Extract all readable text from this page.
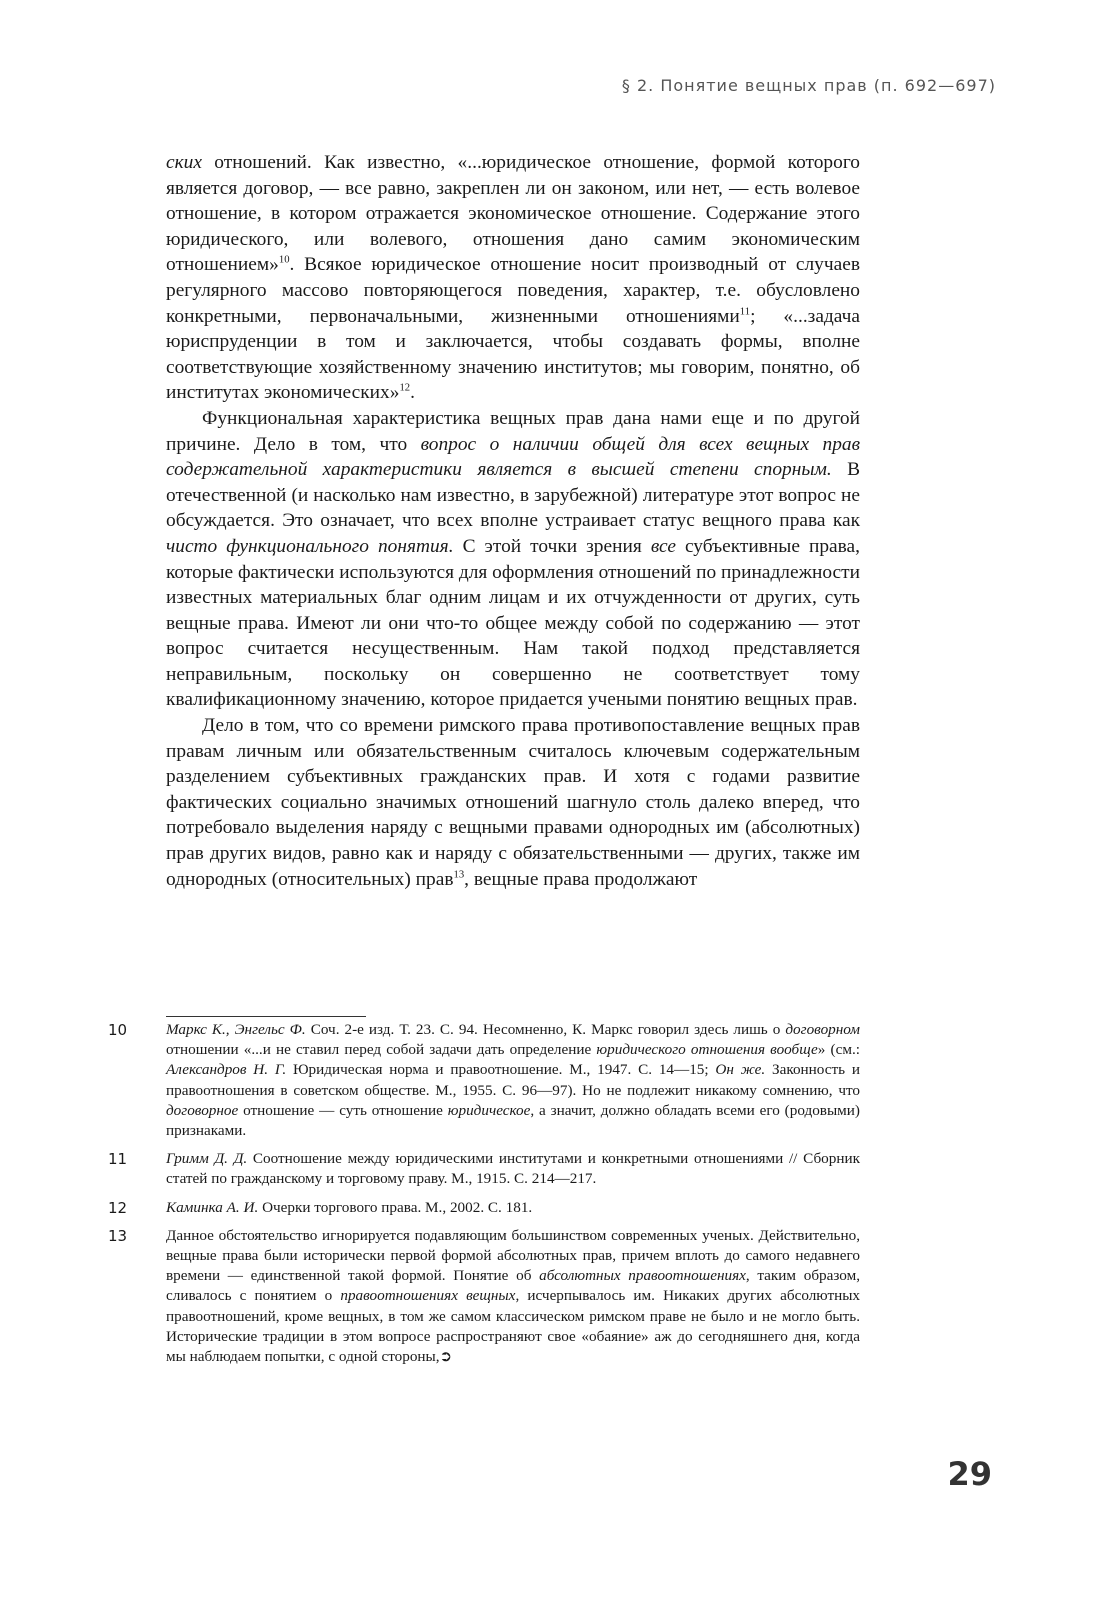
§ 2. Понятие вещных прав (п. 692—697)

ских отношений. Как известно, «...юридическое отношение, формой которого является договор, — все равно, закреплен ли он законом, или нет, — есть волевое отношение, в котором отражается экономическое отношение. Содержание этого юридического, или волевого, отношения дано самим экономическим отношением»$^{10}$. Всякое юридическое отношение носит производный от случаев регулярного массово повторяющегося поведения, характер, т.е. обусловлено конкретными, первоначальными, жизненными отношениями$^{11}$; «...задача юриспруденции в том и заключается, чтобы создавать формы, вполне соответствующие хозяйственному значению институтов; мы говорим, понятно, об институтах экономических»$^{12}$.

Функциональная характеристика вещных прав дана нами еще и по другой причине. Дело в том, что вопрос о наличии общей для всех вещных прав содержательной характеристики является в высшей степени спорным. В отечественной (и насколько нам известно, в зарубежной) литературе этот вопрос не обсуждается. Это означает, что всех вполне устраивает статус вещного права как чисто функционального понятия. С этой точки зрения все субъективные права, которые фактически используются для оформления отношений по принадлежности известных материальных благ одним лицам и их отчужденности от других, суть вещные права. Имеют ли они что-то общее между собой по содержанию — этот вопрос считается несущественным. Нам такой подход представляется неправильным, поскольку он совершенно не соответствует тому квалификационному значению, которое придается учеными понятию вещных прав.

Дело в том, что со времени римского права противопоставление вещных прав правам личным или обязательственным считалось ключевым содержательным разделением субъективных гражданских прав. И хотя с годами развитие фактических социально значимых отношений шагнуло столь далеко вперед, что потребовало выделения наряду с вещными правами однородных им (абсолютных) прав других видов, равно как и наряду с обязательственными — других, также им однородных (относительных) прав$^{13}$, вещные права продолжают

10	Маркс К., Энгельс Ф. Соч. 2-е изд. Т. 23. С. 94. Несомненно, К. Маркс говорил здесь лишь о договорном отношении «...и не ставил перед собой задачи дать определение юридического отношения вообще» (см.: Александров Н. Г. Юридическая норма и правоотношение. М., 1947. С. 14—15; Он же. Законность и правоотношения в советском обществе. М., 1955. С. 96—97). Но не подлежит никакому сомнению, что договорное отношение — суть отношение юридическое, а значит, должно обладать всеми его (родовыми) признаками.
11	Гримм Д. Д. Соотношение между юридическими институтами и конкретными отношениями // Сборник статей по гражданскому и торговому праву. М., 1915. С. 214—217.
12	Каминка А. И. Очерки торгового права. М., 2002. С. 181.
13	Данное обстоятельство игнорируется подавляющим большинством современных ученых. Действительно, вещные права были исторически первой формой абсолютных прав, причем вплоть до самого недавнего времени — единственной такой формой. Понятие об абсолютных правоотношениях, таким образом, сливалось с понятием о правоотношениях вещных, исчерпывалось им. Никаких других абсолютных правоотношений, кроме вещных, в том же самом классическом римском праве не было и не могло быть. Исторические традиции в этом вопросе распространяют свое «обаяние» аж до сегодняшнего дня, когда мы наблюдаем попытки, с одной стороны,➲
29
